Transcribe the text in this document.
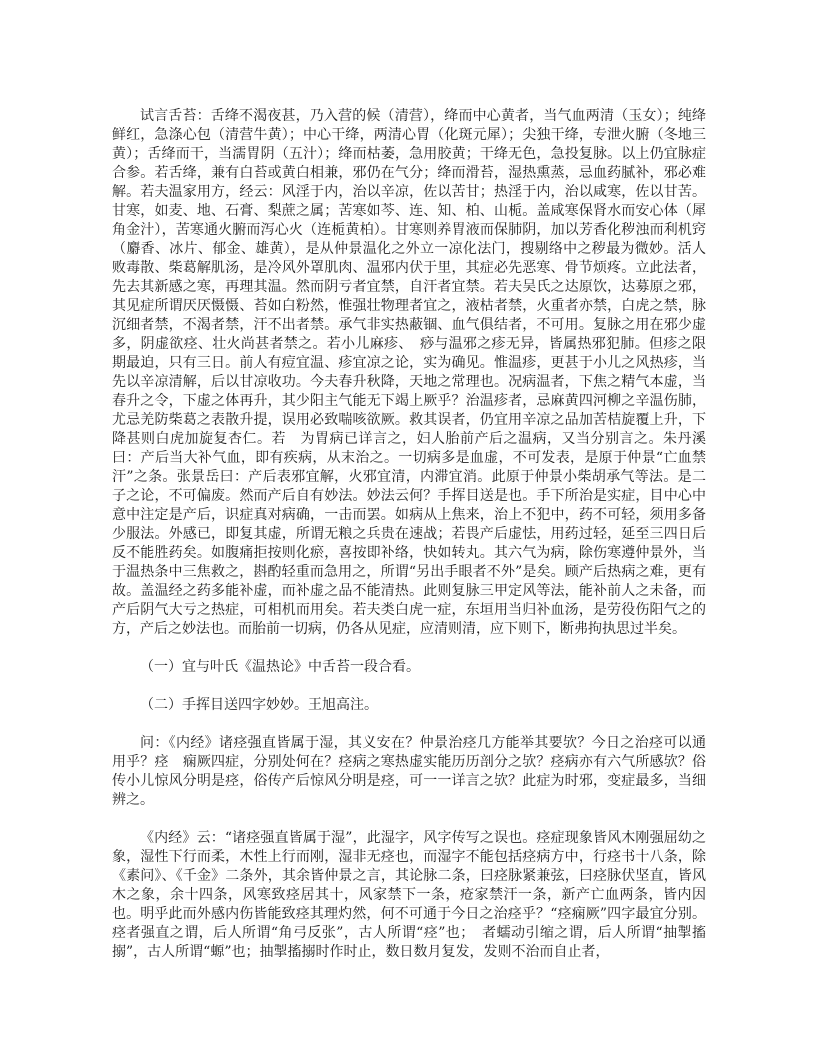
试言舌苔：舌绛不渴夜甚，乃入营的候（清营），绛而中心黄者，当气血两清（玉女）；纯绛鲜红，急涤心包（清营牛黄）；中心干绛，两清心胃（化斑元犀）；尖独干绛，专泄火腑（冬地三黄）；舌绛而干，当濡胃阴（五汁）；绛而枯萎，急用胶黄；干绛无色，急投复脉。以上仍宜脉症合参。若舌绛，兼有白苔或黄白相兼，邪仍在气分；绛而滑苔，湿热熏蒸，忌血药腻补，邪必难解。若夫温家用方，经云：风淫于内，治以辛凉，佐以苦甘；热淫于内，治以咸寒，佐以甘苦。甘寒，如麦、地、石膏、梨蔗之属；苦寒如芩、连、知、柏、山栀。盖咸寒保肾水而安心体（犀角金汁），苦寒通火腑而泻心火（连栀黄柏）。甘寒则养胃液而保肺阴，加以芳香化秽浊而利机窍（麝香、冰片、郁金、雄黄），是从仲景温化之外立一凉化法门，搜剔络中之秽最为微妙。活人败毒散、柴葛解肌汤，是冷风外罩肌肉、温邪内伏于里，其症必先恶寒、骨节烦疼。立此法者，先去其新感之寒，再理其温。然而阴亏者宜禁，自汗者宜禁。若夫吴氏之达原饮，达募原之邪，其见症所谓厌厌慑慑、苔如白粉然，惟强壮物理者宜之，液枯者禁，火重者亦禁，白虎之禁，脉沉细者禁，不渴者禁，汗不出者禁。承气非实热蔽锢、血气俱结者，不可用。复脉之用在邪少虚多，阴虚欲痉、壮火尚甚者禁之。若小儿麻疹、　痧与温邪之疹无异，皆属热邪犯肺。但疹之限期最迫，只有三日。前人有痘宜温、疹宜凉之论，实为确见。惟温疹，更甚于小儿之风热疹，当先以辛凉清解，后以甘凉收功。今夫春升秋降，天地之常理也。况病温者，下焦之精气本虚，当春升之令，下虚之体再升，其少阳主气能无下竭上厥乎？治温疹者，忌麻黄四河柳之辛温伤肺，尤忌羌防柴葛之表散升提，误用必致喘咳欲厥。救其误者，仍宜用辛凉之品加苦桔旋覆上升，下降甚则白虎加旋复杏仁。若　为胃病已详言之，妇人胎前产后之温病，又当分别言之。朱丹溪曰：产后当大补气血，即有疾病，从末治之。一切病多是血虚，不可发表，是原于仲景“亡血禁汗”之条。张景岳曰：产后表邪宜解，火邪宜清，内滞宜消。此原于仲景小柴胡承气等法。是二子之论，不可偏废。然而产后自有妙法。妙法云何？手挥目送是也。手下所治是实症，目中心中意中注定是产后，识症真对病确，一击而罢。如病从上焦来，治上不犯中，药不可轻，须用多备少服法。外感已，即复其虚，所谓无粮之兵贵在速战；若畏产后虚怯，用药过轻，延至三四日后反不能胜药矣。如腹痛拒按则化瘀，喜按即补络，快如转丸。其六气为病，除伤寒遵仲景外，当于温热条中三焦救之，斟酌轻重而急用之，所谓“另出手眼者不外”是矣。顾产后热病之难，更有故。盖温经之药多能补虚，而补虚之品不能清热。此则复脉三甲定风等法，能补前人之未备，而产后阴气大亏之热症，可相机而用矣。若夫类白虎一症，东垣用当归补血汤，是劳役伤阳气之的方，产后之妙法也。而胎前一切病，仍各从见症，应清则清，应下则下，断弗拘执思过半矣。

（一）宜与叶氏《温热论》中舌苔一段合看。

（二）手挥目送四字妙妙。王旭高注。

问：《内经》诸痉强直皆属于湿，其义安在？仲景治痉几方能举其要欤？今日之治痉可以通用乎？痉　痫厥四症，分别处何在？痉病之寒热虚实能历历剖分之欤？痉病亦有六气所感欤？俗传小儿惊风分明是痉，俗传产后惊风分明是痉，可一一详言之欤？此症为时邪，变症最多，当细辨之。

《内经》云：“诸痉强直皆属于湿”，此湿字，风字传写之误也。痉症现象皆风木刚强屈幼之象，湿性下行而柔，木性上行而刚，湿非无痉也，而湿字不能包括痉病方中，行痉书十八条，除《素问》、《千金》二条外，其余皆仲景之言，其论脉二条，曰痉脉紧兼弦，曰痉脉伏坚直，皆风木之象，余十四条，风寒致痉居其十，风家禁下一条，疮家禁汗一条，新产亡血两条，皆内因也。明乎此而外感内伤皆能致痉其理灼然，何不可通于今日之治痉乎？“痉痫厥”四字最宜分别。痉者强直之谓，后人所谓“角弓反张”，古人所谓“痉”也；　者蠕动引缩之谓，后人所谓“抽掣搐搦”，古人所谓“螈”也；抽掣搐搦时作时止，数日数月复发，发则不治而自止者，
